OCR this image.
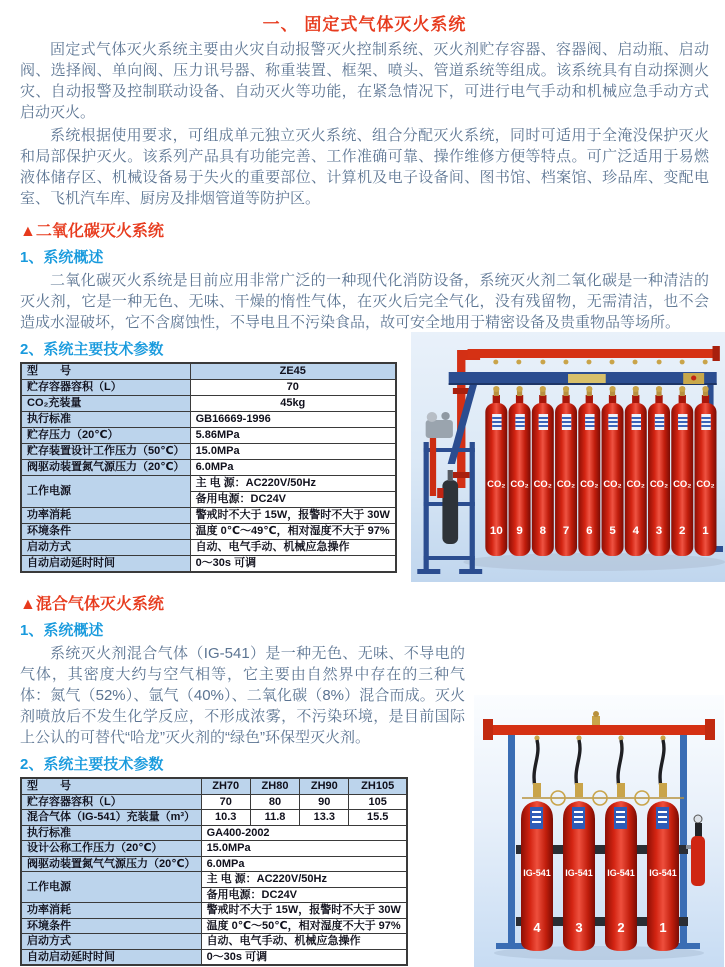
一、 固定式气体灭火系统

固定式气体灭火系统主要由火灾自动报警灭火控制系统、灭火剂贮存容器、容器阀、启动瓶、启动阀、选择阀、单向阀、压力讯号器、称重装置、框架、喷头、管道系统等组成。该系统具有自动探测火灾、自动报警及控制联动设备、自动灭火等功能，在紧急情况下，可进行电气手动和机械应急手动方式启动灭火。

系统根据使用要求，可组成单元独立灭火系统、组合分配灭火系统，同时可适用于全淹没保护灭火和局部保护灭火。该系列产品具有功能完善、工作准确可靠、操作维修方便等特点。可广泛适用于易燃液体储存区、机械设备易于失火的重要部位、计算机及电子设备间、图书馆、档案馆、珍品库、变配电室、飞机汽车库、厨房及排烟管道等防护区。

▲二氧化碳灭火系统
1、系统概述

二氧化碳灭火系统是目前应用非常广泛的一种现代化消防设备，系统灭火剂二氧化碳是一种清洁的灭火剂，它是一种无色、无味、干燥的惰性气体，在灭火后完全气化，没有残留物，无需清洁，也不会造成水湿破坏，它不含腐蚀性，不导电且不污染食品，故可安全地用于精密设备及贵重物品等场所。

2、系统主要技术参数
型　　号	ZE45
贮存容器容积（L）	70
CO₂充装量	45kg
执行标准	GB16669-1996
贮存压力（20℃）	5.86MPa
贮存装置设计工作压力（50℃）	15.0MPa
阀驱动装置氮气源压力（20℃）	6.0MPa
工作电源	主 电 源：AC220V/50Hz
	备用电源：DC24V
功率消耗	警戒时不大于 15W，报警时不大于 30W
环境条件	温度 0℃～49℃，相对湿度不大于 97%
启动方式	自动、电气手动、机械应急操作
自动启动延时时间	0～30s 可调
CO₂ CO₂ CO₂ CO₂ CO₂ CO₂ CO₂ CO₂ CO₂ CO₂
10 9 8 7 6 5 4 3 2 1
▲混合气体灭火系统
1、系统概述
IG-541 IG-541 IG-541 IG-541
4	3	2	1

系统灭火剂混合气体（IG-541）是一种无色、无味、不导电的气体，其密度大约与空气相等，它主要由自然界中存在的三种气体：氮气（52%）、氩气（40%）、二氧化碳（8%）混合而成。灭火剂喷放后不发生化学反应，不形成浓雾，不污染环境，是目前国际上公认的可替代“哈龙”灭火剂的“绿色”环保型灭火剂。

2、系统主要技术参数
型　　号	ZH70	ZH80	ZH90	ZH105
贮存容器容积（L）	70	80	90	105
混合气体（IG-541）充装量（m³）	10.3	11.8	13.3	15.5
执行标准	GA400-2002			
设计公称工作压力（20℃）	15.0MPa			
阀驱动装置氮气气源压力（20℃）	6.0MPa			
工作电源	主 电 源：AC220V/50Hz			
	备用电源：DC24V			
功率消耗	警戒时不大于 15W，报警时不大于 30W			
环境条件	温度 0℃～50℃，相对湿度不大于 97%			
启动方式	自动、电气手动、机械应急操作			
自动启动延时时间	0～30s 可调			
